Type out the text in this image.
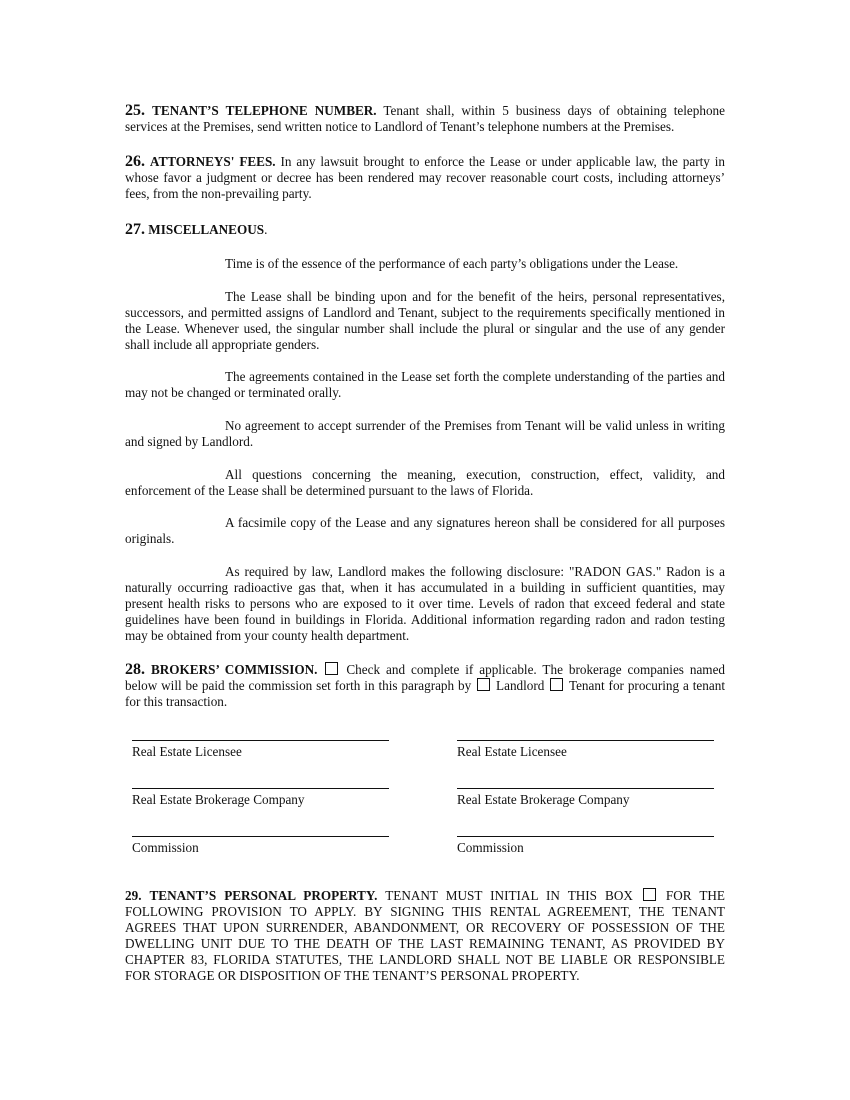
25. TENANT’S TELEPHONE NUMBER. Tenant shall, within 5 business days of obtaining telephone services at the Premises, send written notice to Landlord of Tenant’s telephone numbers at the Premises.

26. ATTORNEYS' FEES. In any lawsuit brought to enforce the Lease or under applicable law, the party in whose favor a judgment or decree has been rendered may recover reasonable court costs, including attorneys’ fees, from the non-prevailing party.

27. MISCELLANEOUS.

Time is of the essence of the performance of each party’s obligations under the Lease.

The Lease shall be binding upon and for the benefit of the heirs, personal representatives, successors, and permitted assigns of Landlord and Tenant, subject to the requirements specifically mentioned in the Lease. Whenever used, the singular number shall include the plural or singular and the use of any gender shall include all appropriate genders.

The agreements contained in the Lease set forth the complete understanding of the parties and may not be changed or terminated orally.

No agreement to accept surrender of the Premises from Tenant will be valid unless in writing and signed by Landlord.

All questions concerning the meaning, execution, construction, effect, validity, and enforcement of the Lease shall be determined pursuant to the laws of Florida.

A facsimile copy of the Lease and any signatures hereon shall be considered for all purposes originals.

As required by law, Landlord makes the following disclosure: "RADON GAS." Radon is a naturally occurring radioactive gas that, when it has accumulated in a building in sufficient quantities, may present health risks to persons who are exposed to it over time. Levels of radon that exceed federal and state guidelines have been found in buildings in Florida. Additional information regarding radon and radon testing may be obtained from your county health department.

28. BROKERS’ COMMISSION.  Check and complete if applicable. The brokerage companies named below will be paid the commission set forth in this paragraph by  Landlord  Tenant for procuring a tenant for this transaction.

Real Estate Licensee	Real Estate Licensee

Real Estate Brokerage Company	Real Estate Brokerage Company

Commission	Commission

29. TENANT’S PERSONAL PROPERTY. TENANT MUST INITIAL IN THIS BOX  FOR THE FOLLOWING PROVISION TO APPLY. BY SIGNING THIS RENTAL AGREEMENT, THE TENANT AGREES THAT UPON SURRENDER, ABANDONMENT, OR RECOVERY OF POSSESSION OF THE DWELLING UNIT DUE TO THE DEATH OF THE LAST REMAINING TENANT, AS PROVIDED BY CHAPTER 83, FLORIDA STATUTES, THE LANDLORD SHALL NOT BE LIABLE OR RESPONSIBLE FOR STORAGE OR DISPOSITION OF THE TENANT’S PERSONAL PROPERTY.
